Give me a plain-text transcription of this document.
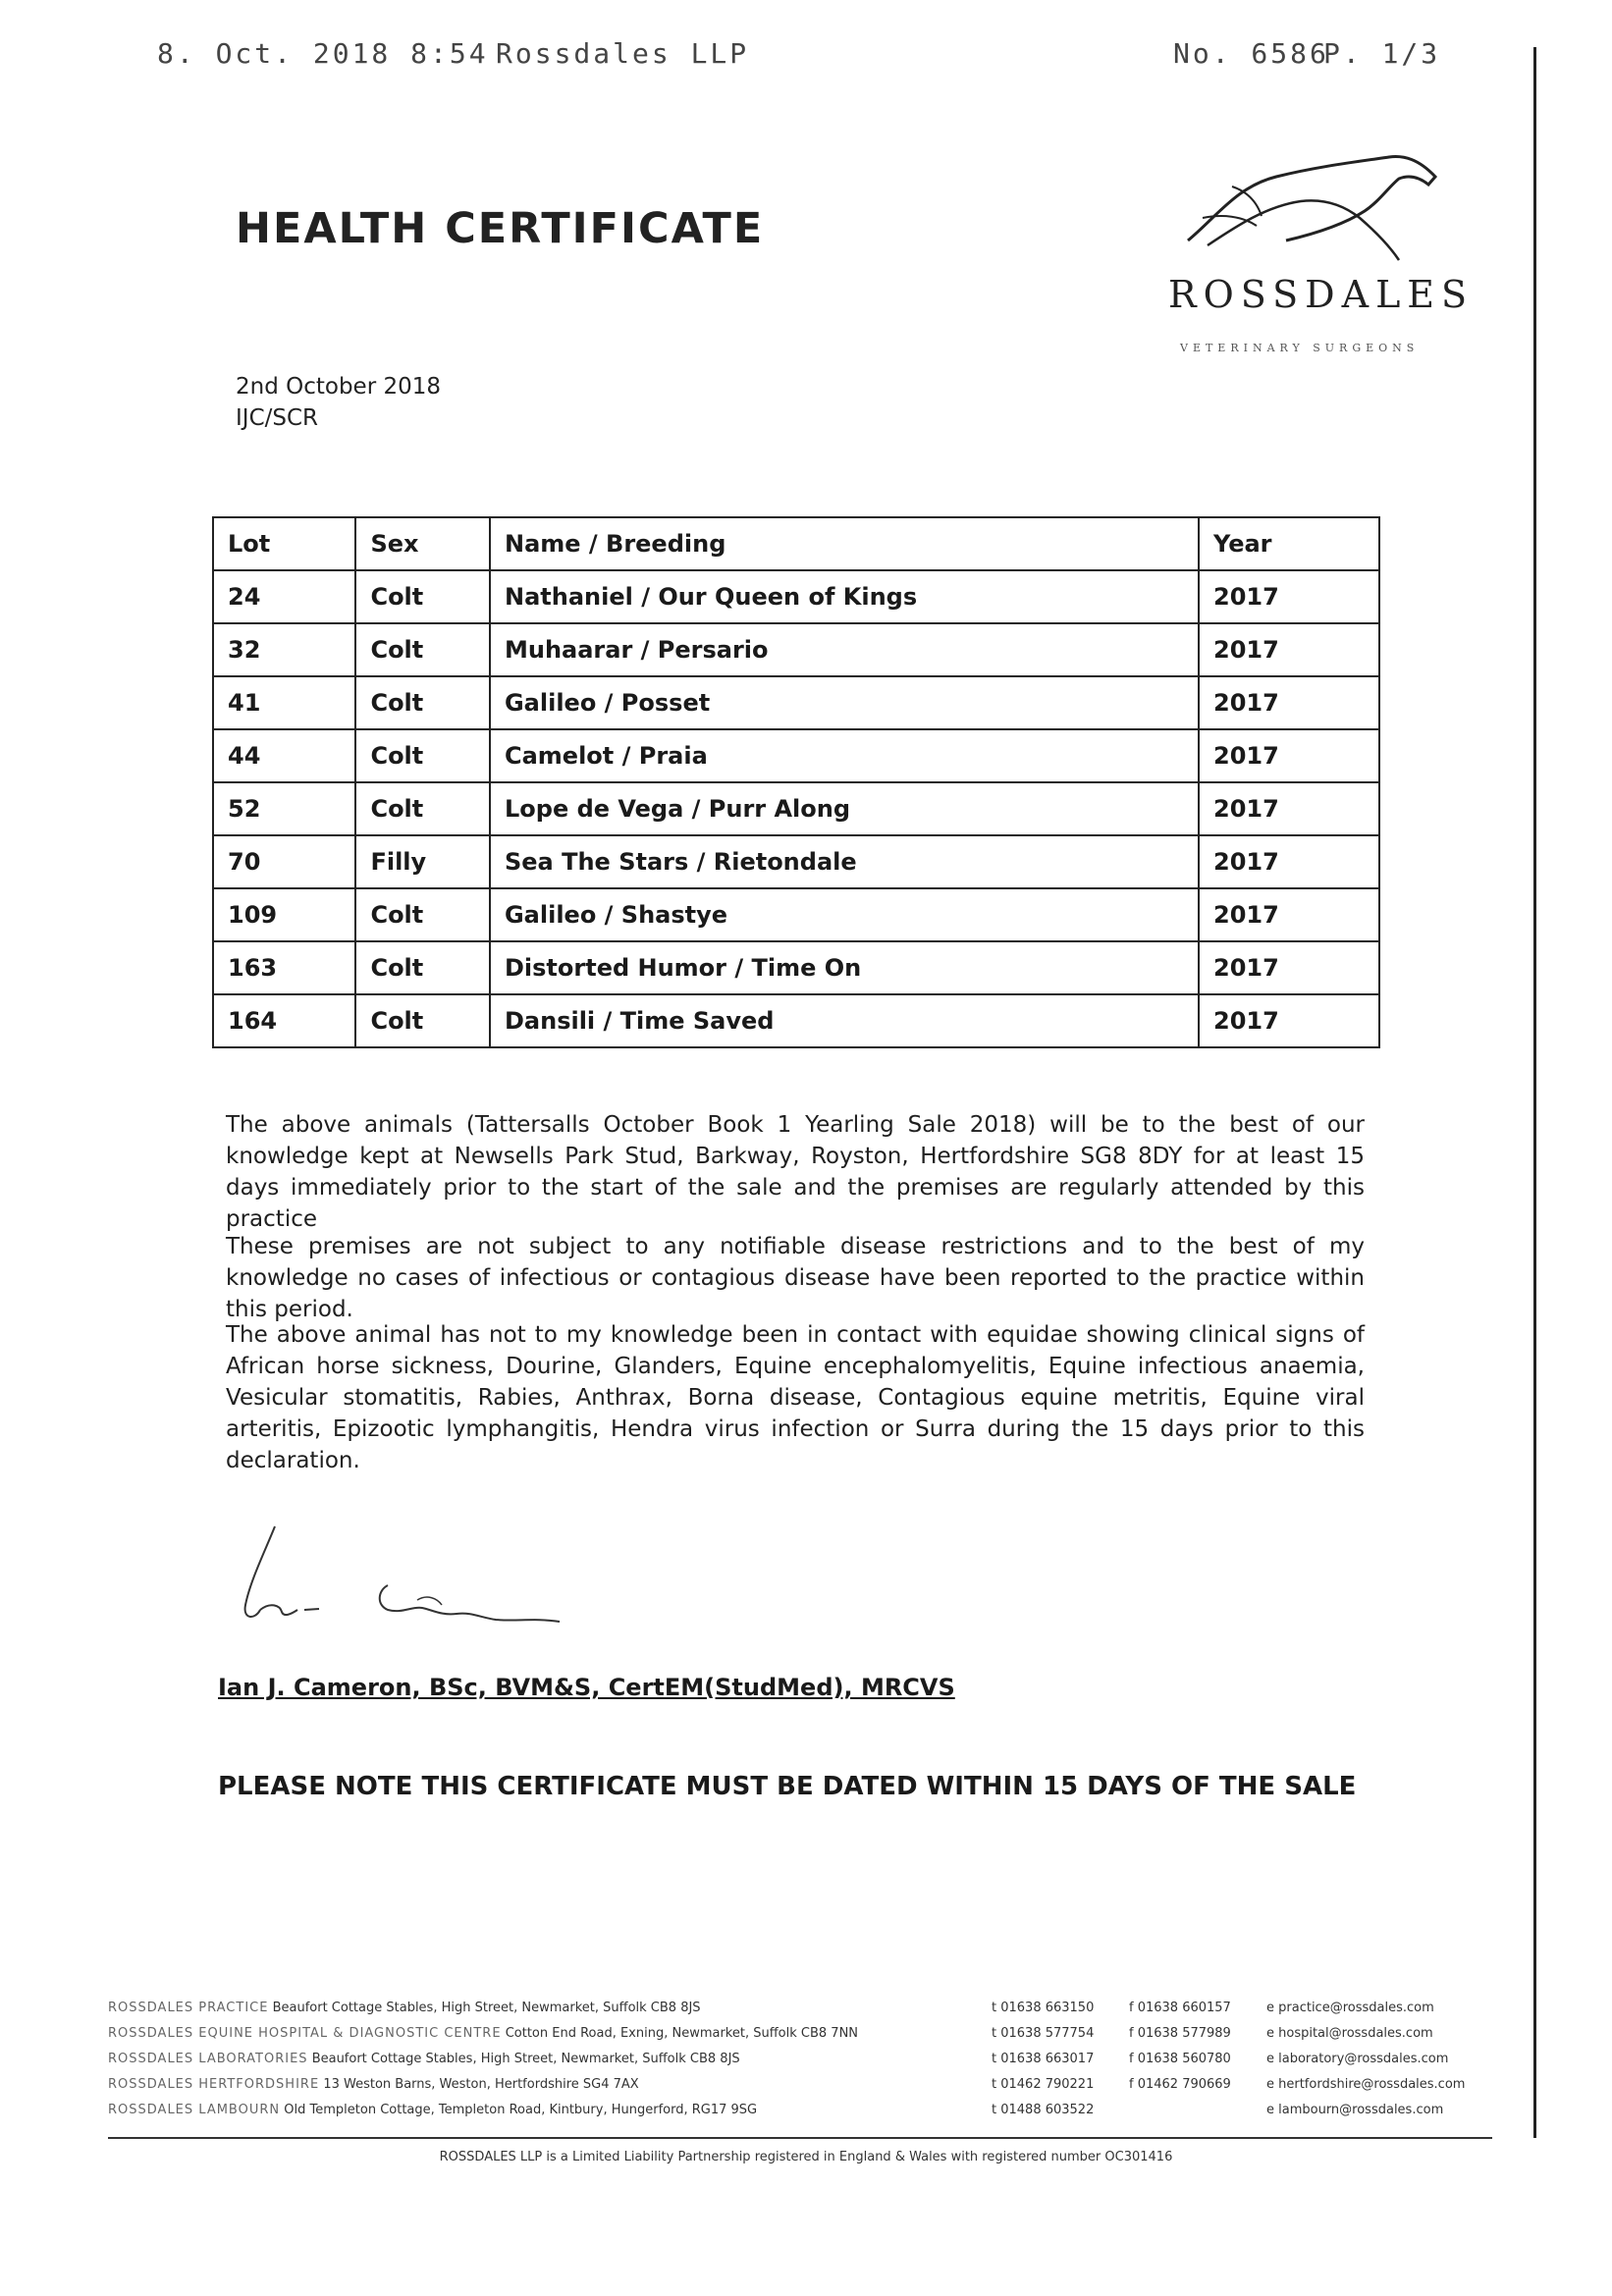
8. Oct. 2018 8:54 Rossdales LLP	No. 6586
P. 1/3
HEALTH CERTIFICATE
ROSSDALES
VETERINARY SURGEONS
2nd October 2018
IJC/SCR
Lot	Sex	Name / Breeding	Year
24	Colt	Nathaniel / Our Queen of Kings	2017
32	Colt	Muhaarar / Persario	2017
41	Colt	Galileo / Posset	2017
44	Colt	Camelot / Praia	2017
52	Colt	Lope de Vega / Purr Along	2017
70	Filly	Sea The Stars / Rietondale	2017
109	Colt	Galileo / Shastye	2017
163	Colt	Distorted Humor / Time On	2017
164	Colt	Dansili / Time Saved	2017

The above animals (Tattersalls October Book 1 Yearling Sale 2018) will be to the best of our knowledge kept at Newsells Park Stud, Barkway, Royston, Hertfordshire SG8 8DY for at least 15 days immediately prior to the start of the sale and the premises are regularly attended by this practice

These premises are not subject to any notifiable disease restrictions and to the best of my knowledge no cases of infectious or contagious disease have been reported to the practice within this period.

The above animal has not to my knowledge been in contact with equidae showing clinical signs of African horse sickness, Dourine, Glanders, Equine encephalomyelitis, Equine infectious anaemia, Vesicular stomatitis, Rabies, Anthrax, Borna disease, Contagious equine metritis, Equine viral arteritis, Epizootic lymphangitis, Hendra virus infection or Surra during the 15 days prior to this declaration.

Ian J. Cameron, BSc, BVM&S, CertEM(StudMed), MRCVS

PLEASE NOTE THIS CERTIFICATE MUST BE DATED WITHIN 15 DAYS OF THE SALE

ROSSDALES PRACTICE Beaufort Cottage Stables, High Street, Newmarket, Suffolk CB8 8JS	t 01638 663150	f 01638 660157	e practice@rossdales.com
ROSSDALES EQUINE HOSPITAL & DIAGNOSTIC CENTRE Cotton End Road, Exning, Newmarket, Suffolk CB8 7NN	t 01638 577754	f 01638 577989	e hospital@rossdales.com
ROSSDALES LABORATORIES Beaufort Cottage Stables, High Street, Newmarket, Suffolk CB8 8JS	t 01638 663017	f 01638 560780	e laboratory@rossdales.com
ROSSDALES HERTFORDSHIRE 13 Weston Barns, Weston, Hertfordshire SG4 7AX	t 01462 790221	f 01462 790669	e hertfordshire@rossdales.com
ROSSDALES LAMBOURN Old Templeton Cottage, Templeton Road, Kintbury, Hungerford, RG17 9SG	t 01488 603522	e lambourn@rossdales.com
ROSSDALES LLP is a Limited Liability Partnership registered in England & Wales with registered number OC301416
